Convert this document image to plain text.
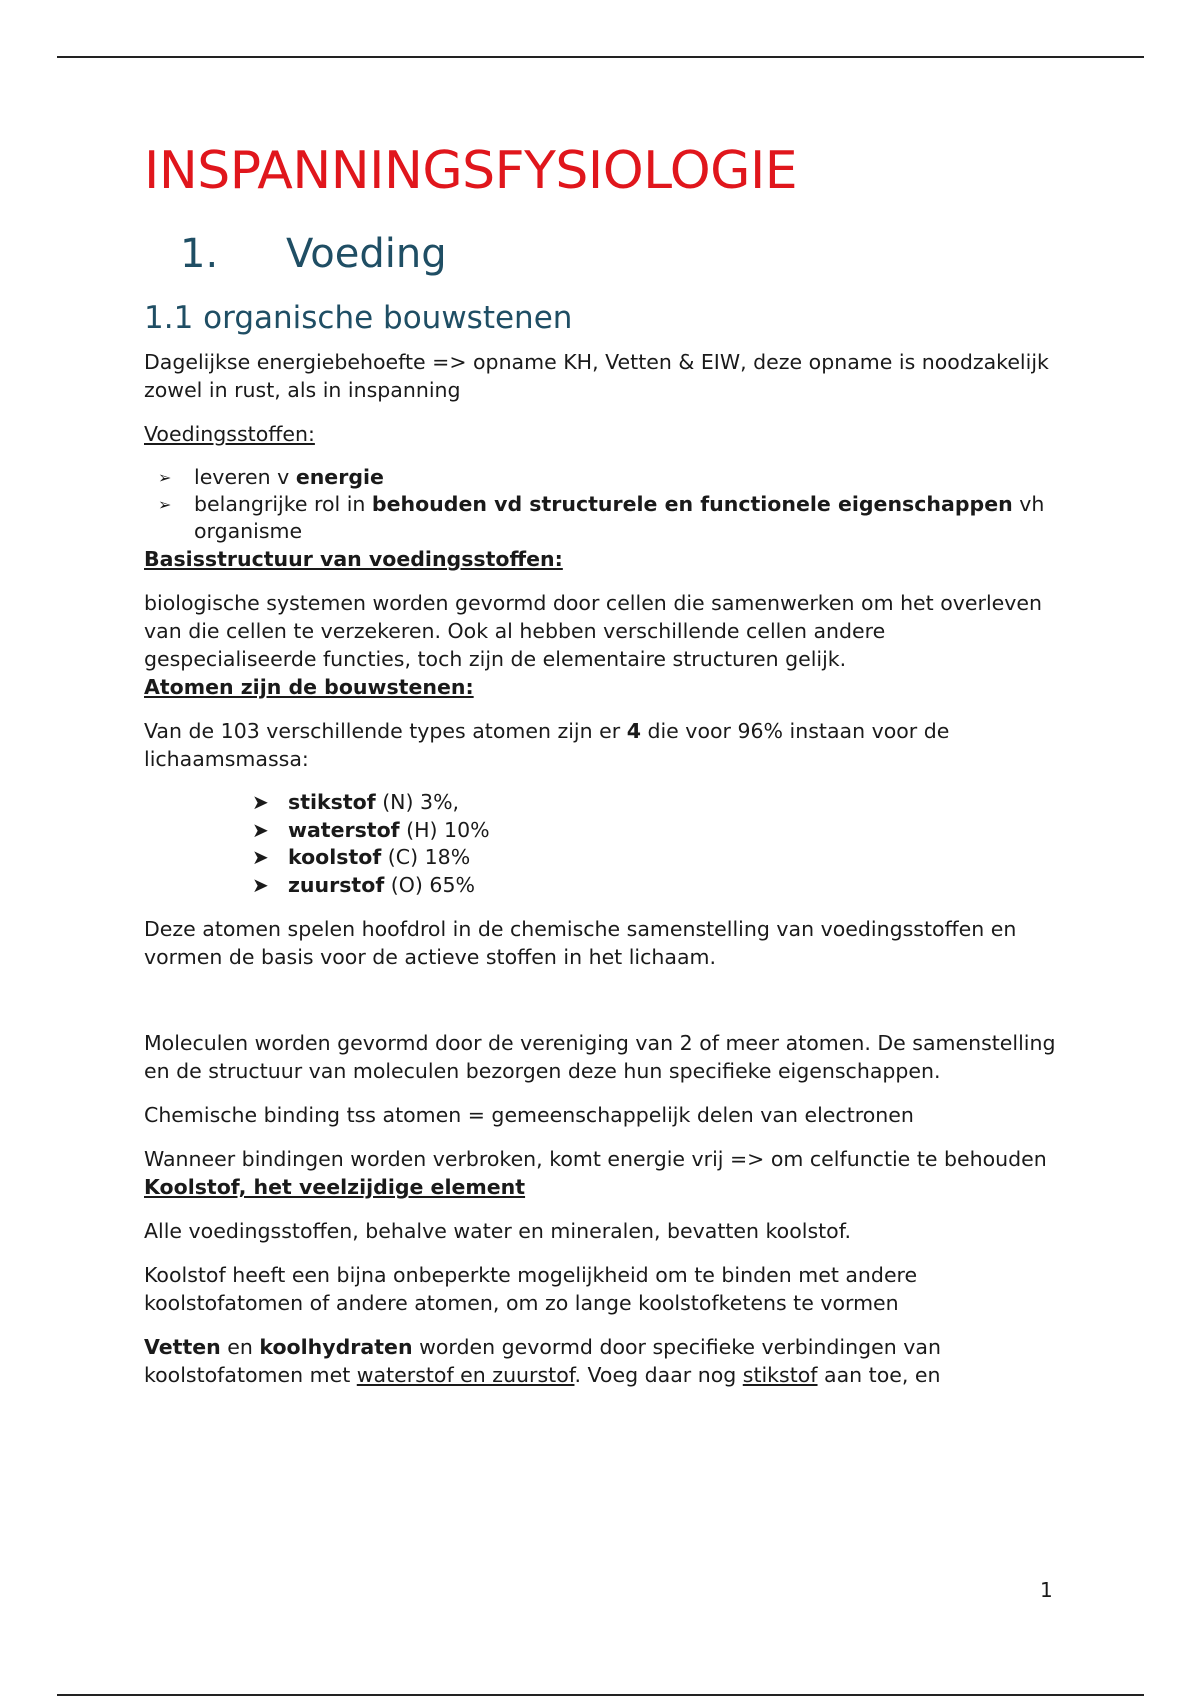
INSPANNINGSFYSIOLOGIE
1.	Voeding
1.1 organische bouwstenen

Dagelijkse energiebehoefte => opname KH, Vetten & EIW, deze opname is noodzakelijk zowel in rust, als in inspanning

Voedingsstoffen:

➢	leveren v energie
➢	belangrijke rol in behouden vd structurele en functionele eigenschappen vh organisme

Basisstructuur van voedingsstoffen:

biologische systemen worden gevormd door cellen die samenwerken om het overleven van die cellen te verzekeren. Ook al hebben verschillende cellen andere gespecialiseerde functies, toch zijn de elementaire structuren gelijk.

Atomen zijn de bouwstenen:

Van de 103 verschillende types atomen zijn er 4 die voor 96% instaan voor de lichaamsmassa:

➤ stikstof (N) 3%,
➤ waterstof (H) 10%
➤ koolstof (C) 18%
➤ zuurstof (O) 65%

Deze atomen spelen hoofdrol in de chemische samenstelling van voedingsstoffen en vormen de basis voor de actieve stoffen in het lichaam.

Moleculen worden gevormd door de vereniging van 2 of meer atomen. De samenstelling en de structuur van moleculen bezorgen deze hun specifieke eigenschappen.

Chemische binding tss atomen = gemeenschappelijk delen van electronen

Wanneer bindingen worden verbroken, komt energie vrij => om celfunctie te behouden

Koolstof, het veelzijdige element

Alle voedingsstoffen, behalve water en mineralen, bevatten koolstof.

Koolstof heeft een bijna onbeperkte mogelijkheid om te binden met andere koolstofatomen of andere atomen, om zo lange koolstofketens te vormen

Vetten en koolhydraten worden gevormd door specifieke verbindingen van koolstofatomen met waterstof en zuurstof. Voeg daar nog stikstof aan toe, en

1
